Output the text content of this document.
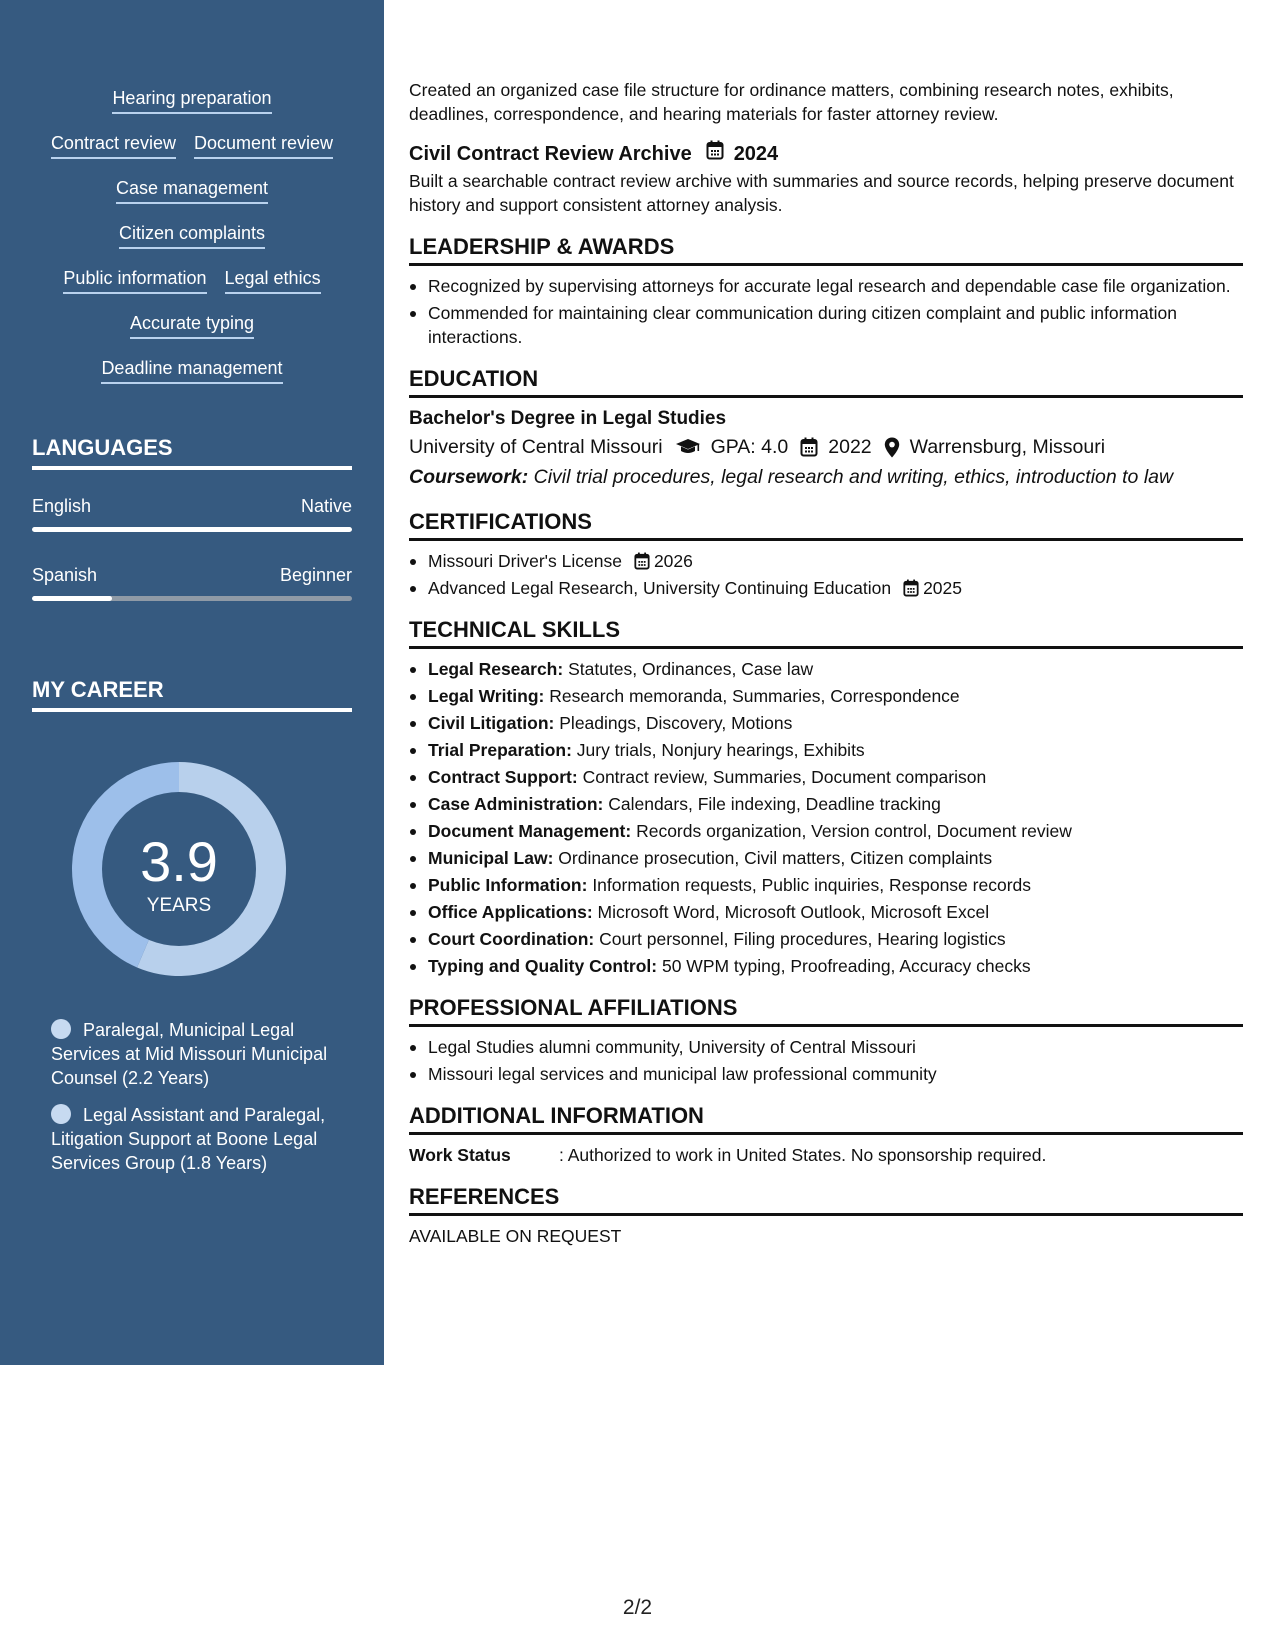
Hearing preparation
Contract review Document review
Case management
Citizen complaints
Public information Legal ethics
Accurate typing
Deadline management
LANGUAGES
English	Native
Spanish	Beginner
MY CAREER
3.9
YEARS
Paralegal, Municipal Legal Services at Mid Missouri Municipal Counsel (2.2 Years)
Legal Assistant and Paralegal, Litigation Support at Boone Legal Services Group (1.8 Years)

Created an organized case file structure for ordinance matters, combining research notes, exhibits, deadlines, correspondence, and hearing materials for faster attorney review.

Civil Contract Review Archive 2024

Built a searchable contract review archive with summaries and source records, helping preserve document history and support consistent attorney analysis.

LEADERSHIP & AWARDS
Recognized by supervising attorneys for accurate legal research and dependable case file organization.
Commended for maintaining clear communication during citizen complaint and public information interactions.
EDUCATION
Bachelor's Degree in Legal Studies
University of Central Missouri GPA: 4.0 2022 Warrensburg, Missouri
Coursework: Civil trial procedures, legal research and writing, ethics, introduction to law
CERTIFICATIONS
Missouri Driver's License 2026
Advanced Legal Research, University Continuing Education 2025
TECHNICAL SKILLS
Legal Research: Statutes, Ordinances, Case law
Legal Writing: Research memoranda, Summaries, Correspondence
Civil Litigation: Pleadings, Discovery, Motions
Trial Preparation: Jury trials, Nonjury hearings, Exhibits
Contract Support: Contract review, Summaries, Document comparison
Case Administration: Calendars, File indexing, Deadline tracking
Document Management: Records organization, Version control, Document review
Municipal Law: Ordinance prosecution, Civil matters, Citizen complaints
Public Information: Information requests, Public inquiries, Response records
Office Applications: Microsoft Word, Microsoft Outlook, Microsoft Excel
Court Coordination: Court personnel, Filing procedures, Hearing logistics
Typing and Quality Control: 50 WPM typing, Proofreading, Accuracy checks
PROFESSIONAL AFFILIATIONS
Legal Studies alumni community, University of Central Missouri
Missouri legal services and municipal law professional community
ADDITIONAL INFORMATION
Work Status	: Authorized to work in United States. No sponsorship required.
REFERENCES
AVAILABLE ON REQUEST
2/2
